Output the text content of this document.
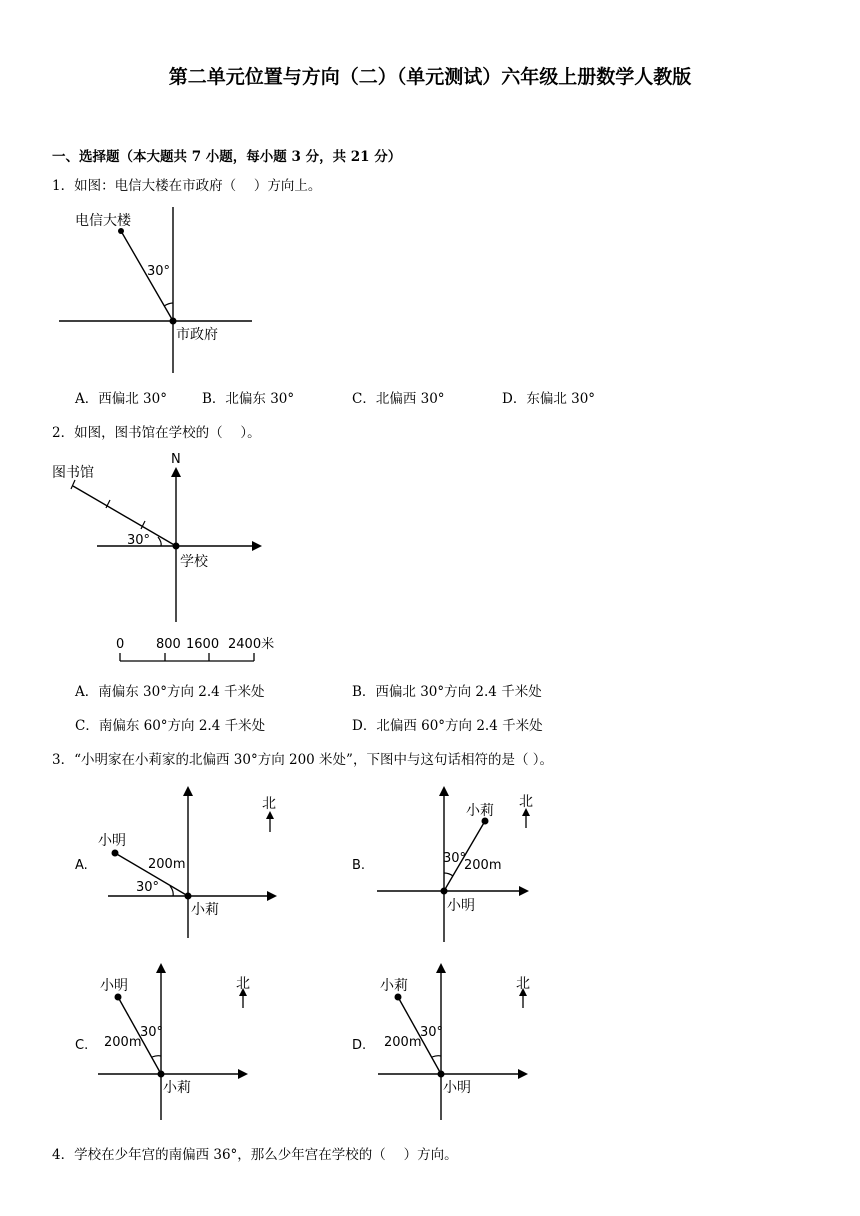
第二单元位置与方向（二）（单元测试）六年级上册数学人教版
一、选择题（本大题共 7 小题，每小题 3 分，共 21 分）
1．如图：电信大楼在市政府（　 ）方向上。
电信大楼
30°
市政府
A．西偏北 30°	B．北偏东 30°	C．北偏西 30°	D．东偏北 30°
2．如图，图书馆在学校的（　 ）。
N
图书馆
30°
学校
0 800 1600 2400米
A．南偏东 30°方向 2.4 千米处	B．西偏北 30°方向 2.4 千米处
C．南偏东 60°方向 2.4 千米处	D．北偏西 60°方向 2.4 千米处
3．“小明家在小莉家的北偏西 30°方向 200 米处”，下图中与这句话相符的是（ ）。
A.
小明
200m
30°
小莉
北
B.
小莉
30°
200m
小明
北
C.
小明
30°
200m
小莉
北
D.
小莉
30°
200m
小明
北
4．学校在少年宫的南偏西 36°，那么少年宫在学校的（　 ）方向。
